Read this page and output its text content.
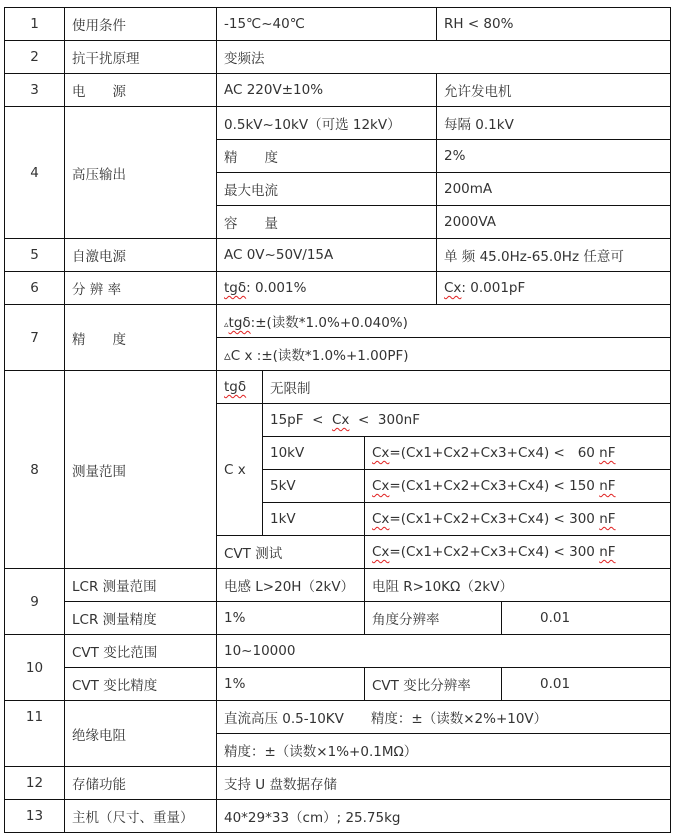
1	使用条件	-15℃~40℃			RH < 80%	
2	抗干扰原理	变频法				
3	电　　源	AC 220V±10%			允许发电机	
4	高压输出	0.5kV~10kV（可选 12kV）			每隔 0.1kV	
		精　　度			2%	
		最大电流			200mA	
		容　　量			2000VA	
5	自激电源	AC 0V~50V/15A			单 频 45.0Hz-65.0Hz 任意可	
6	分 辨 率	tgδ: 0.001%			Cx: 0.001pF	
7	精　　度	▵tgδ:±(读数*1.0%+0.040%)				
		▵C x :±(读数*1.0%+1.00PF)				
8	测量范围	tgδ	无限制			
		C x	15pF  <  Cx  <  300nF			
			10kV	Cx=(Cx1+Cx2+Cx3+Cx4) <   60 nF		
			5kV	Cx=(Cx1+Cx2+Cx3+Cx4) < 150 nF		
			1kV	Cx=(Cx1+Cx2+Cx3+Cx4) < 300 nF		
		CVT 测试		Cx=(Cx1+Cx2+Cx3+Cx4) < 300 nF		
9	LCR 测量范围	电感 L>20H（2kV）		电阻 R>10KΩ（2kV）		
	LCR 测量精度	1%		角度分辨率		0.01
10	CVT 变比范围	10~10000				
	CVT 变比精度	1%		CVT 变比分辨率		0.01
11	绝缘电阻	直流高压 0.5-10KV　　精度：±（读数×2%+10V）				
		精度：±（读数×1%+0.1MΩ）				
12	存储功能	支持 U 盘数据存储				
13	主机（尺寸、重量）	40*29*33（cm）; 25.75kg				
